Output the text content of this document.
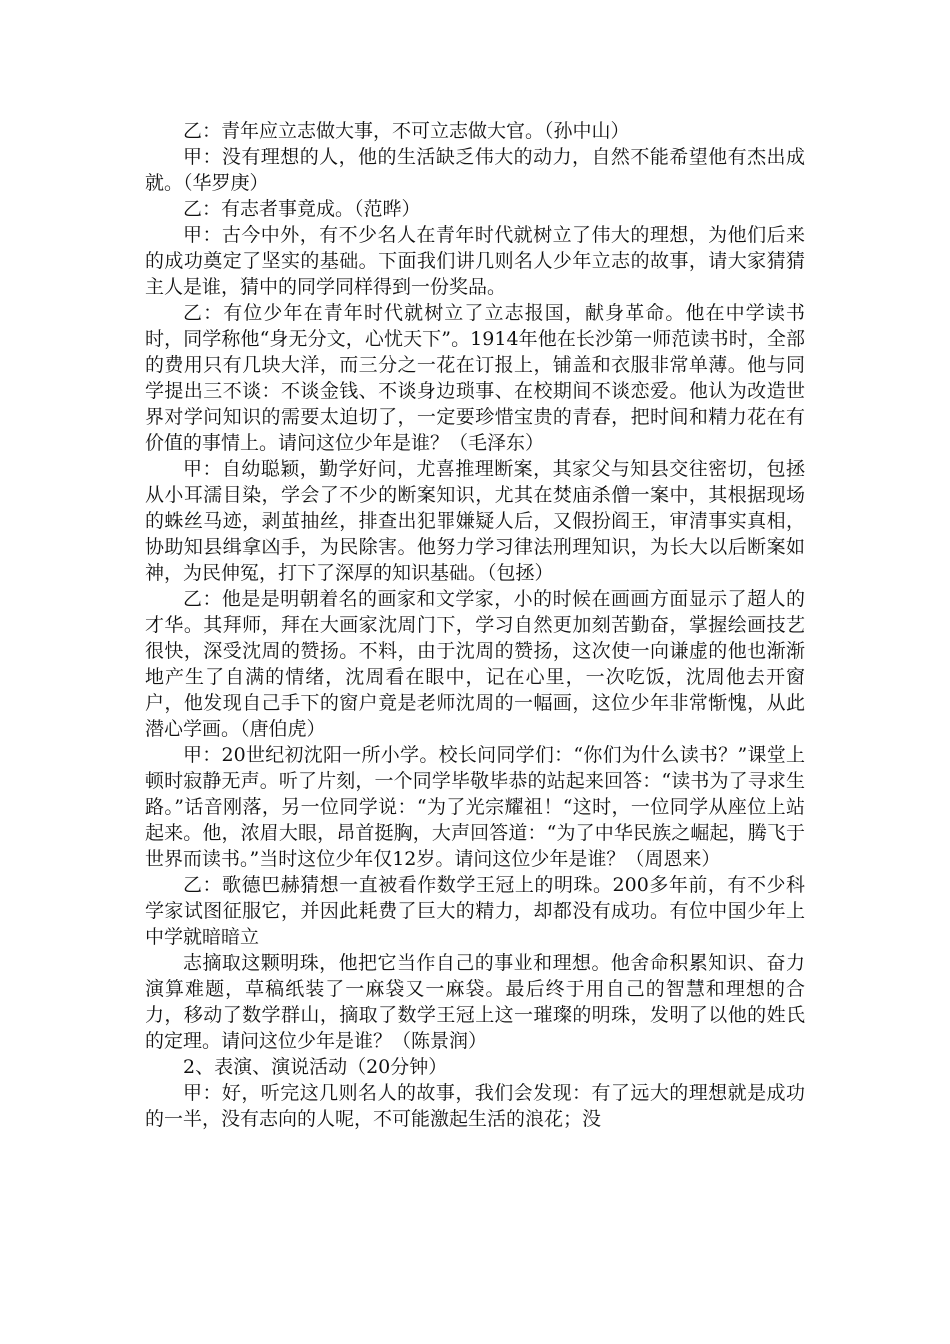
乙：青年应立志做大事，不可立志做大官。（孙中山）

甲：没有理想的人，他的生活缺乏伟大的动力，自然不能希望他有杰出成就。（华罗庚）

乙：有志者事竟成。（范晔）

甲：古今中外，有不少名人在青年时代就树立了伟大的理想，为他们后来的成功奠定了坚实的基础。下面我们讲几则名人少年立志的故事，请大家猜猜主人是谁，猜中的同学同样得到一份奖品。

乙：有位少年在青年时代就树立了立志报国，献身革命。他在中学读书时，同学称他“身无分文，心忧天下”。1914年他在长沙第一师范读书时，全部的费用只有几块大洋，而三分之一花在订报上，铺盖和衣服非常单薄。他与同学提出三不谈：不谈金钱、不谈身边琐事、在校期间不谈恋爱。他认为改造世界对学问知识的需要太迫切了，一定要珍惜宝贵的青春，把时间和精力花在有价值的事情上。请问这位少年是谁？（毛泽东）

甲：自幼聪颖，勤学好问，尤喜推理断案，其家父与知县交往密切，包拯从小耳濡目染，学会了不少的断案知识，尤其在焚庙杀僧一案中，其根据现场的蛛丝马迹，剥茧抽丝，排查出犯罪嫌疑人后，又假扮阎王，审清事实真相，协助知县缉拿凶手，为民除害。他努力学习律法刑理知识，为长大以后断案如神，为民伸冤，打下了深厚的知识基础。（包拯）

乙：他是是明朝着名的画家和文学家，小的时候在画画方面显示了超人的才华。其拜师，拜在大画家沈周门下，学习自然更加刻苦勤奋，掌握绘画技艺很快，深受沈周的赞扬。不料，由于沈周的赞扬，这次使一向谦虚的他也渐渐地产生了自满的情绪，沈周看在眼中，记在心里，一次吃饭，沈周他去开窗户，他发现自己手下的窗户竟是老师沈周的一幅画，这位少年非常惭愧，从此潜心学画。（唐伯虎）

甲：20世纪初沈阳一所小学。校长问同学们：“你们为什么读书？”课堂上顿时寂静无声。听了片刻，一个同学毕敬毕恭的站起来回答：“读书为了寻求生路。”话音刚落，另一位同学说：“为了光宗耀祖！“这时，一位同学从座位上站起来。他，浓眉大眼，昂首挺胸，大声回答道：“为了中华民族之崛起，腾飞于世界而读书。”当时这位少年仅12岁。请问这位少年是谁？（周恩来）

乙：歌德巴赫猜想一直被看作数学王冠上的明珠。200多年前，有不少科学家试图征服它，并因此耗费了巨大的精力，却都没有成功。有位中国少年上中学就暗暗立

志摘取这颗明珠，他把它当作自己的事业和理想。他舍命积累知识、奋力演算难题，草稿纸装了一麻袋又一麻袋。最后终于用自己的智慧和理想的合力，移动了数学群山，摘取了数学王冠上这一璀璨的明珠，发明了以他的姓氏的定理。请问这位少年是谁？（陈景润）

2、表演、演说活动（20分钟）

甲：好，听完这几则名人的故事，我们会发现：有了远大的理想就是成功的一半，没有志向的人呢，不可能激起生活的浪花；没
